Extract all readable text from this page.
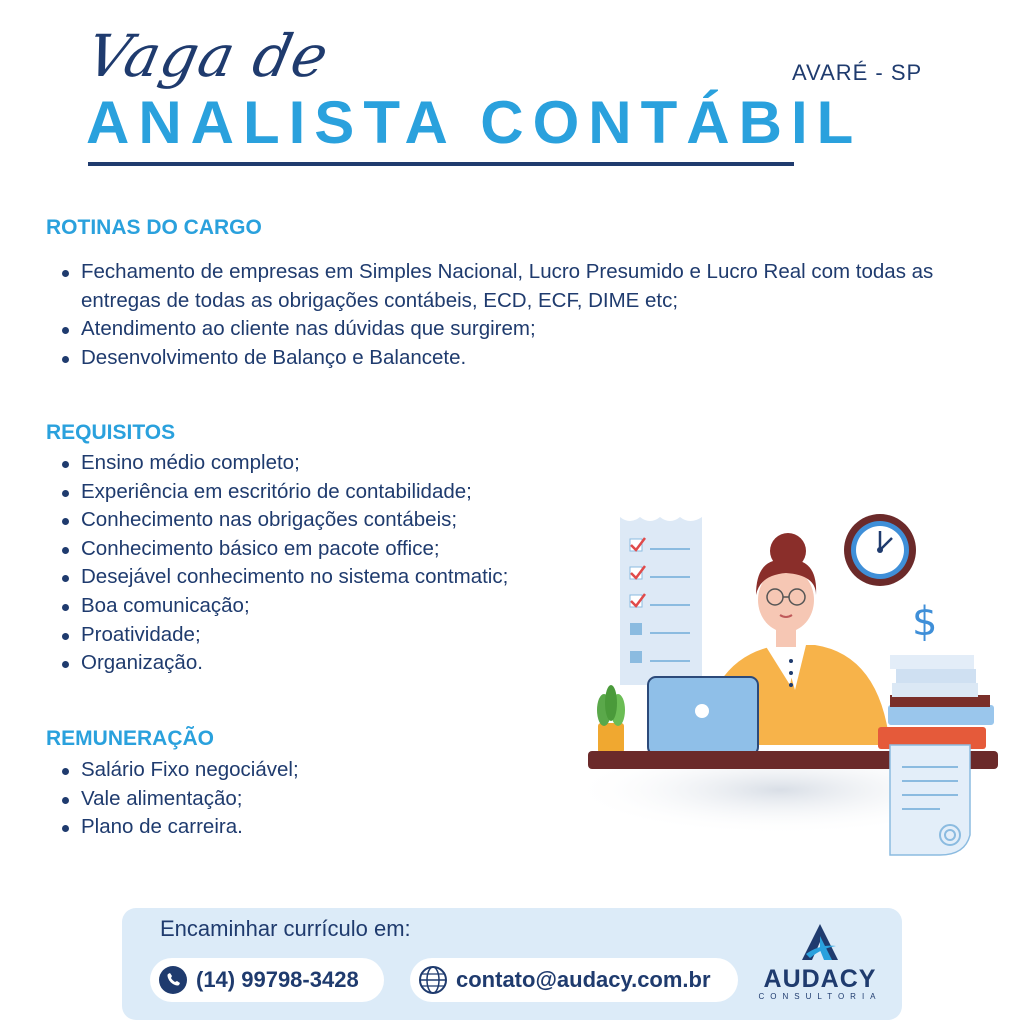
Vaga de	AVARÉ - SP
ANALISTA CONTÁBIL
ROTINAS DO CARGO
Fechamento de empresas em Simples Nacional, Lucro Presumido e Lucro Real com todas as entregas de todas as obrigações contábeis, ECD, ECF, DIME etc;
Atendimento ao cliente nas dúvidas que surgirem;
Desenvolvimento de Balanço e Balancete.
REQUISITOS
Ensino médio completo;
Experiência em escritório de contabilidade;
Conhecimento nas obrigações contábeis;
Conhecimento básico em pacote office;
Desejável conhecimento no sistema contmatic;
Boa comunicação;
Proatividade;
Organização.
REMUNERAÇÃO
Salário Fixo negociável;
Vale alimentação;
Plano de carreira.
$
Encaminhar currículo em:
(14) 99798-3428	contato@audacy.com.br AUDACY
CONSULTORIA
